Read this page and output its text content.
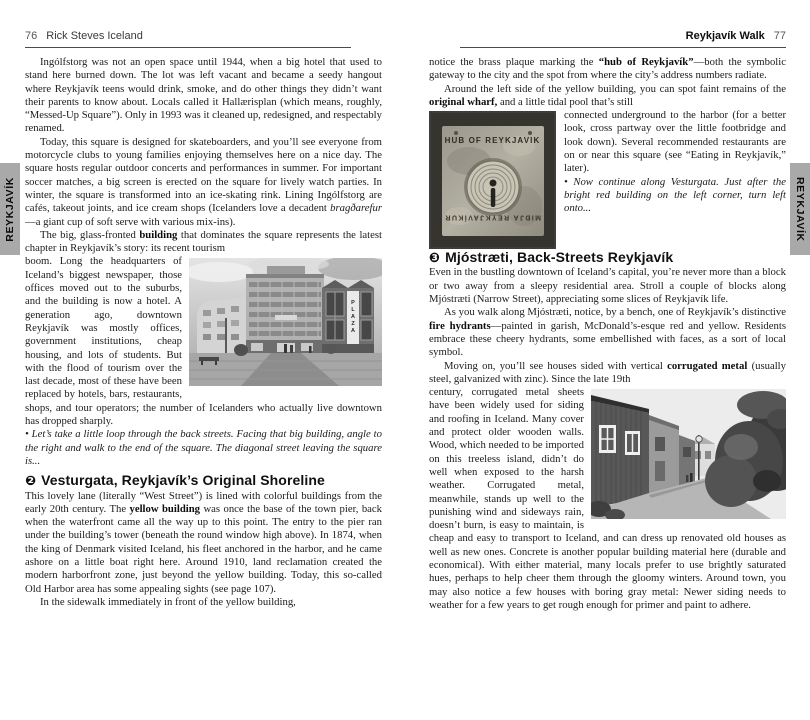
76 Rick Steves Iceland

Ingólfstorg was not an open space until 1944, when a big hotel that used to stand here burned down. The lot was left vacant and became a seedy hangout where Reykjavík teens would drink, smoke, and do other things they didn’t want their parents to know about. Locals called it Hallærisplan (which means, roughly, “Messed-Up Square”). Only in 1993 was it cleaned up, redesigned, and respectably renamed.

Today, this square is designed for skateboarders, and you’ll see everyone from motorcycle clubs to young families enjoying themselves here on a nice day. The square hosts regular outdoor concerts and performances in summer. For important soccer matches, a big screen is erected on the square for lively watch parties. In winter, the square is transformed into an ice-skating rink. Lining Ingólfstorg are cafés, takeout joints, and ice cream shops (Icelanders love a decadent bragðarefur—a giant cup of soft serve with various mix-ins).

The big, glass-fronted building that dominates the square represents the latest chapter in Reykjavík’s story: its recent tourism

PLAZA
boom. Long the headquarters of Iceland’s biggest newspaper, those offices moved out to the suburbs, and the building is now a hotel. A generation ago, downtown Reykjavík was mostly offices, government institutions, cheap housing, and lots of students. But with the flood of tourism over the last decade, most of these have been replaced by hotels, bars, restaurants, shops, and tour operators; the number of Icelanders who actually live downtown has dropped sharply.

• Let’s take a little loop through the back streets. Facing that big building, angle to the right and walk to the end of the square. The diagonal street leaving the square is...

❷ Vesturgata, Reykjavík’s Original Shoreline

This lovely lane (literally “West Street”) is lined with colorful buildings from the early 20th century. The yellow building was once the base of the town pier, back when the waterfront came all the way up to this point. The entry to the pier ran under the building’s tower (beneath the round window high above). In 1874, when the king of Denmark visited Iceland, his fleet anchored in the harbor, and he came ashore on a little boat right here. Around 1910, land reclamation created the modern harborfront zone, just beyond the yellow building. Today, this so-called Old Harbor area has some appealing sights (see page 107).

In the sidewalk immediately in front of the yellow building,

REYKJAVÍK
Reykjavík Walk 77

notice the brass plaque marking the “hub of Reykjavík”—both the symbolic gateway to the city and the spot from where the city’s address numbers radiate.

Around the left side of the yellow building, you can spot faint remains of the original wharf, and a little tidal pool that’s still

HUB OF REYKJAVIK
MIÐJA REYKJAVÍKUR
connected underground to the harbor (for a better look, cross partway over the little footbridge and look down). Several recommended restaurants are on or near this square (see “Eating in Reykjavík,” later).

• Now continue along Vesturgata. Just after the bright red building on the left corner, turn left onto...

❸ Mjóstræti, Back-Streets Reykjavík

Even in the bustling downtown of Iceland’s capital, you’re never more than a block or two away from a sleepy residential area. Stroll a couple of blocks along Mjóstræti (Narrow Street), appreciating some slices of Reykjavík life.

As you walk along Mjóstræti, notice, by a bench, one of Reykjavík’s distinctive fire hydrants—painted in garish, McDonald’s-esque red and yellow. Residents embrace these cheery hydrants, some embellished with faces, as a sort of local symbol.

Moving on, you’ll see houses sided with vertical corrugated metal (usually steel, galvanized with zinc). Since the late 19th

century, corrugated metal sheets have been widely used for siding and roofing in Iceland. Many cover and protect older wooden walls. Wood, which needed to be imported on this treeless island, didn’t do well when exposed to the harsh weather. Corrugated metal, meanwhile, stands up well to the punishing wind and sideways rain, doesn’t burn, is easy to maintain, is cheap and easy to transport to Iceland, and can dress up renovated old houses as well as new ones. Concrete is another popular building material here (durable and economical). With either material, many locals prefer to use brightly saturated hues, perhaps to help cheer them through the gloomy winters. Around town, you may also notice a few houses with boring gray metal: Newer siding needs to weather for a few years to get rough enough for primer and paint to adhere.

REYKJAVÍK
